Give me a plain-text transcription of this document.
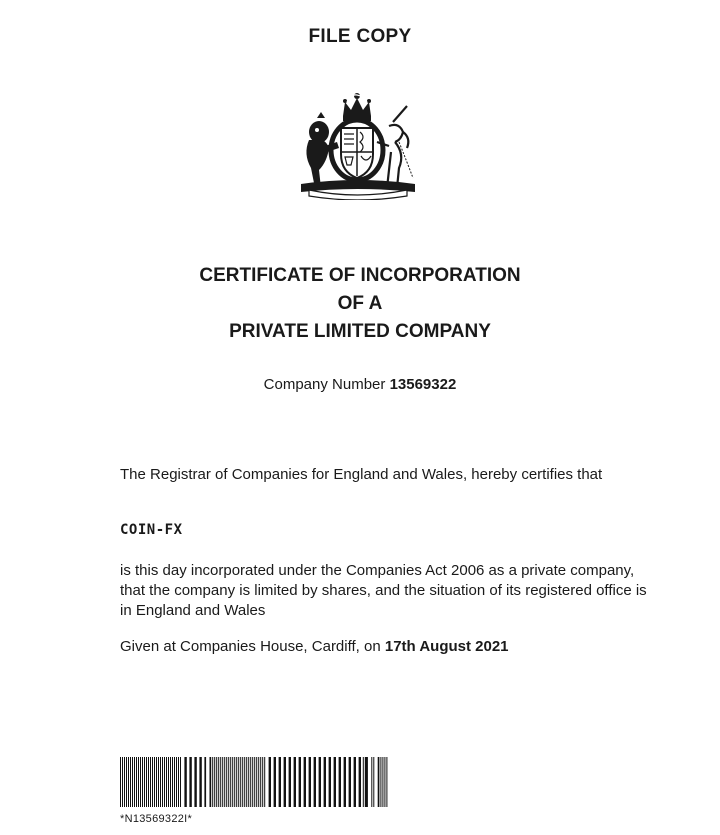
FILE COPY
CERTIFICATE OF INCORPORATION
OF A
PRIVATE LIMITED COMPANY
Company Number 13569322
The Registrar of Companies for England and Wales, hereby certifies that
COIN-FX
is this day incorporated under the Companies Act 2006 as a private company, that the company is limited by shares, and the situation of its registered office is in England and Wales
Given at Companies House, Cardiff, on 17th August 2021
*N13569322I*
